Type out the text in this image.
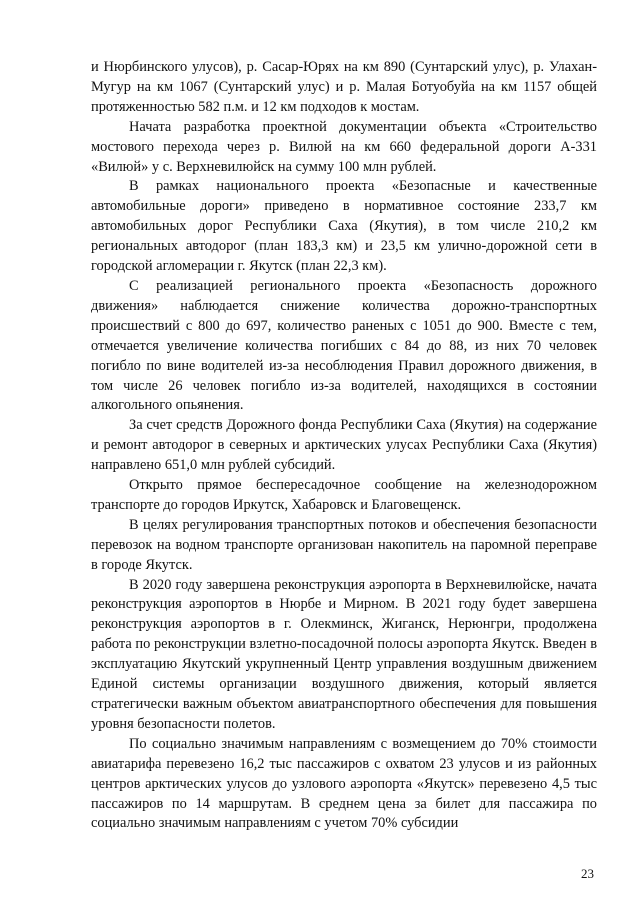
и Нюрбинского улусов), р. Сасар-Юрях на км 890 (Сунтарский улус), р. Улахан-Мугур на км 1067 (Сунтарский улус) и р. Малая Ботуобуйа на км 1157 общей протяженностью 582 п.м. и 12 км подходов к мостам.

Начата разработка проектной документации объекта «Строительство мостового перехода через р. Вилюй на км 660 федеральной дороги А-331 «Вилюй» у с. Верхневилюйск на сумму 100 млн рублей.

В рамках национального проекта «Безопасные и качественные автомобильные дороги» приведено в нормативное состояние 233,7 км автомобильных дорог Республики Саха (Якутия), в том числе 210,2 км региональных автодорог (план 183,3 км) и 23,5 км улично-дорожной сети в городской агломерации г. Якутск (план 22,3 км).

С реализацией регионального проекта «Безопасность дорожного движения» наблюдается снижение количества дорожно-транспортных происшествий с 800 до 697, количество раненых с 1051 до 900. Вместе с тем, отмечается увеличение количества погибших с 84 до 88, из них 70 человек погибло по вине водителей из-за несоблюдения Правил дорожного движения, в том числе 26 человек погибло из-за водителей, находящихся в состоянии алкогольного опьянения.

За счет средств Дорожного фонда Республики Саха (Якутия) на содержание и ремонт автодорог в северных и арктических улусах Республики Саха (Якутия) направлено 651,0 млн рублей субсидий.

Открыто прямое беспересадочное сообщение на железнодорожном транспорте до городов Иркутск, Хабаровск и Благовещенск.

В целях регулирования транспортных потоков и обеспечения безопасности перевозок на водном транспорте организован накопитель на паромной переправе в городе Якутск.

В 2020 году завершена реконструкция аэропорта в Верхневилюйске, начата реконструкция аэропортов в Нюрбе и Мирном. В 2021 году будет завершена реконструкция аэропортов в г. Олекминск, Жиганск, Нерюнгри, продолжена работа по реконструкции взлетно-посадочной полосы аэропорта Якутск. Введен в эксплуатацию Якутский укрупненный Центр управления воздушным движением Единой системы организации воздушного движения, который является стратегически важным объектом авиатранспортного обеспечения для повышения уровня безопасности полетов.

По социально значимым направлениям с возмещением до 70% стоимости авиатарифа перевезено 16,2 тыс пассажиров с охватом 23 улусов и из районных центров арктических улусов до узлового аэропорта «Якутск» перевезено 4,5 тыс пассажиров по 14 маршрутам. В среднем цена за билет для пассажира по социально значимым направлениям с учетом 70% субсидии

23
